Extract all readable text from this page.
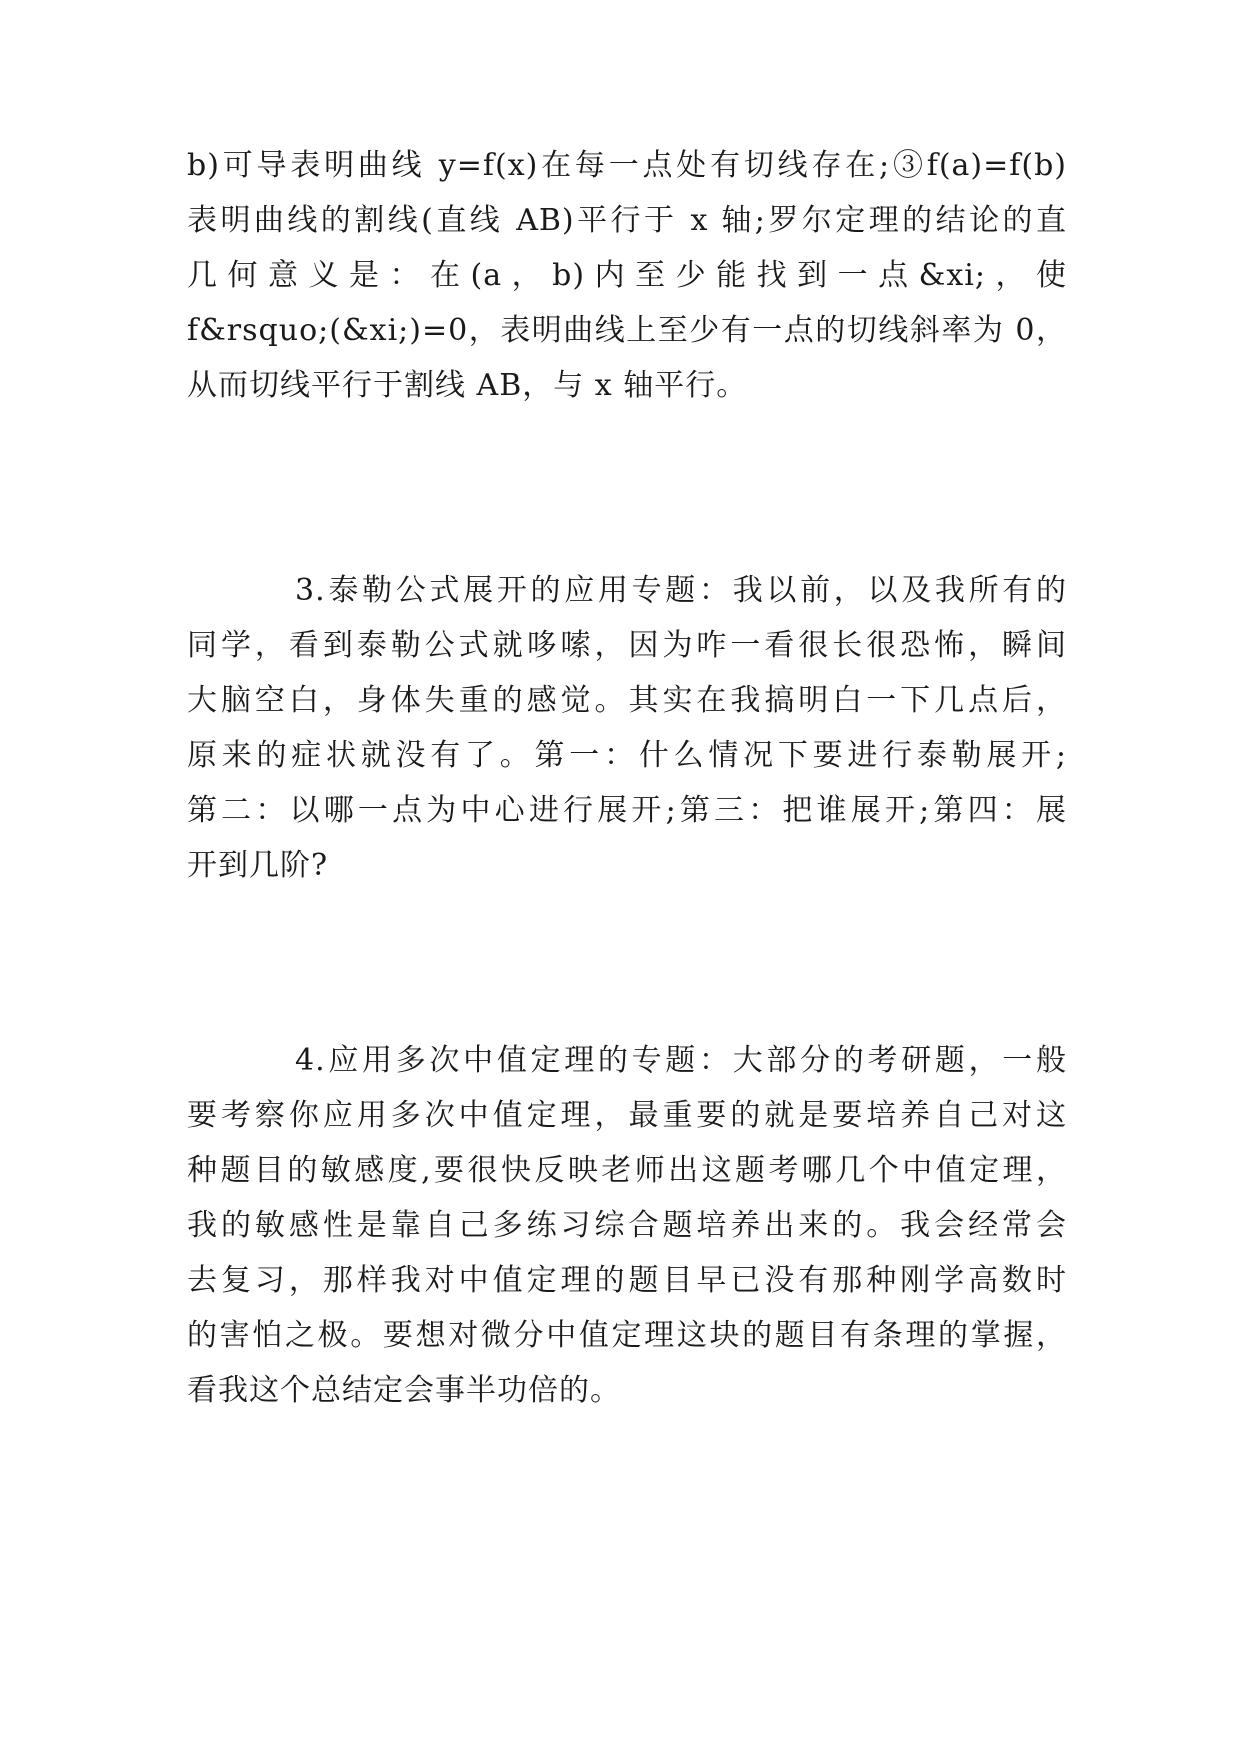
b)可导表明曲线 y=f(x)在每一点处有切线存在;③f(a)=f(b)
表明曲线的割线(直线 AB)平行于 x 轴;罗尔定理的结论的直
几何意义是：在(a，b)内至少能找到一点&xi;，使
f&rsquo;(&xi;)=0，表明曲线上至少有一点的切线斜率为 0，
从而切线平行于割线 AB，与 x 轴平行。
3.泰勒公式展开的应用专题：我以前，以及我所有的
同学，看到泰勒公式就哆嗦，因为咋一看很长很恐怖，瞬间
大脑空白，身体失重的感觉。其实在我搞明白一下几点后，
原来的症状就没有了。第一：什么情况下要进行泰勒展开;
第二：以哪一点为中心进行展开;第三：把谁展开;第四：展
开到几阶?
4.应用多次中值定理的专题：大部分的考研题，一般
要考察你应用多次中值定理，最重要的就是要培养自己对这
种题目的敏感度,要很快反映老师出这题考哪几个中值定理，
我的敏感性是靠自己多练习综合题培养出来的。我会经常会
去复习，那样我对中值定理的题目早已没有那种刚学高数时
的害怕之极。要想对微分中值定理这块的题目有条理的掌握，
看我这个总结定会事半功倍的。
